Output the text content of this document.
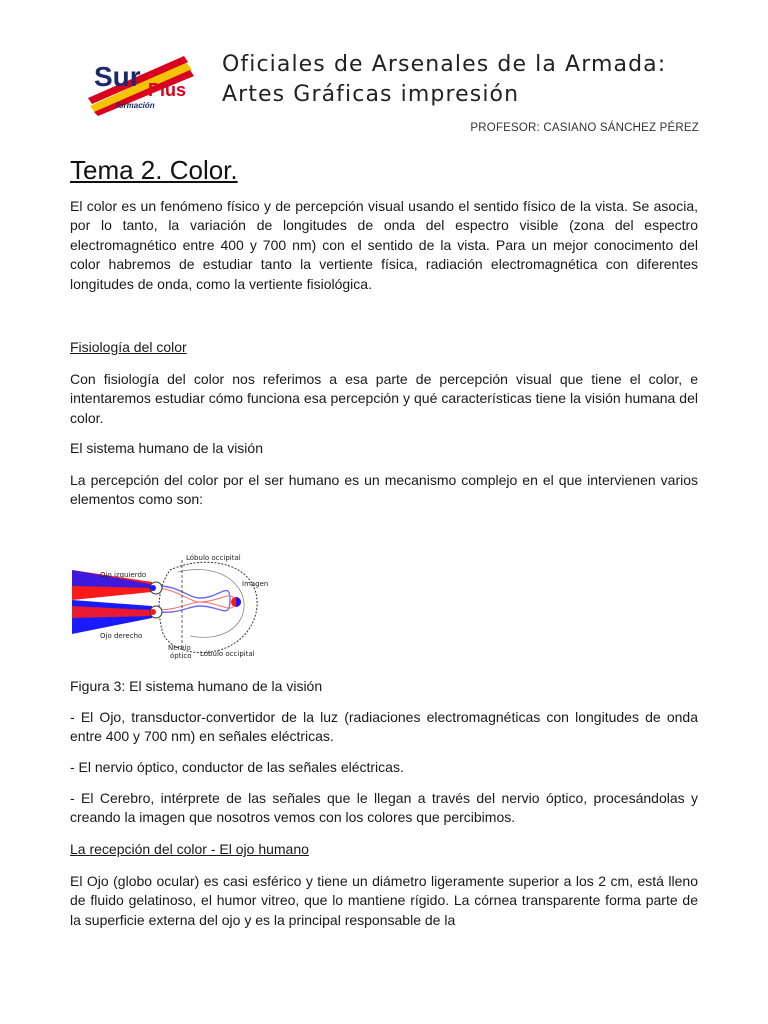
Sur Plus
formación
Oficiales de Arsenales de la Armada:
Artes Gráficas impresión
PROFESOR: CASIANO SÁNCHEZ PÉREZ
Tema 2. Color.
El color es un fenómeno físico y de percepción visual usando el sentido físico de la vista. Se asocia, por lo tanto, la variación de longitudes de onda del espectro visible (zona del espectro electromagnético entre 400 y 700 nm) con el sentido de la vista. Para un mejor conocimento del color habremos de estudiar tanto la vertiente física, radiación electromagnética con diferentes longitudes de onda, como la vertiente fisiológica.
Fisiología del color
Con fisiología del color nos referimos a esa parte de percepción visual que tiene el color, e intentaremos estudiar cómo funciona esa percepción y qué características tiene la visión humana del color.
El sistema humano de la visión
La percepción del color por el ser humano es un mecanismo complejo en el que intervienen varios elementos como son:
Ojo izquierdo
Ojo derecho
Lóbulo occipital
Imagen
Nervio
óptico Lóbulo occipital
Figura 3: El sistema humano de la visión
- El Ojo, transductor-convertidor de la luz (radiaciones electromagnéticas con longitudes de onda entre 400 y 700 nm) en señales eléctricas.
- El nervio óptico, conductor de las señales eléctricas.
- El Cerebro, intérprete de las señales que le llegan a través del nervio óptico, procesándolas y creando la imagen que nosotros vemos con los colores que percibimos.
La recepción del color - El ojo humano
El Ojo (globo ocular) es casi esférico y tiene un diámetro ligeramente superior a los 2 cm, está lleno de fluido gelatinoso, el humor vitreo, que lo mantiene rígido. La córnea transparente forma parte de la superficie externa del ojo y es la principal responsable de la
